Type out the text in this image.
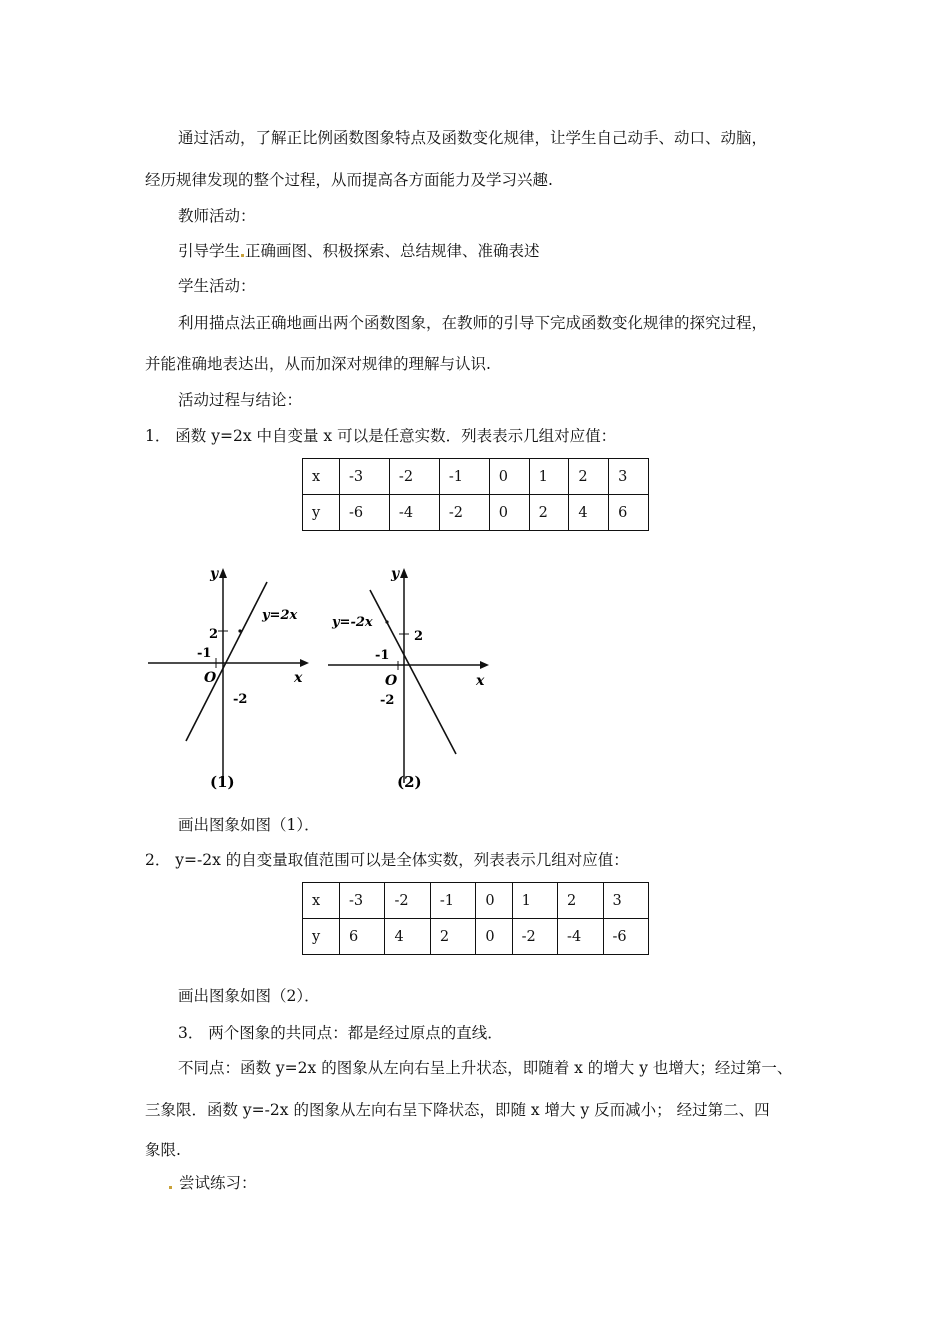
通过活动，了解正比例函数图象特点及函数变化规律，让学生自己动手、动口、动脑，
经历规律发现的整个过程，从而提高各方面能力及学习兴趣.
教师活动：
引导学生 正确画图、积极探索、总结规律、准确表述
学生活动：
利用描点法正确地画出两个函数图象，在教师的引导下完成函数变化规律的探究过程，
并能准确地表达出，从而加深对规律的理解与认识.
活动过程与结论：
1． 函数 y=2x 中自变量 x 可以是任意实数．列表表示几组对应值：
x	-3	-2	-1	0	1	2	3
y	-6	-4	-2	0	2	4	6
y
x
O
y=2x
2
-1
-2
(1)
y
x
O
y=-2x
2
-1
-2
(2)
画出图象如图（1）．
2． y=-2x 的自变量取值范围可以是全体实数，列表表示几组对应值：
x	-3	-2	-1	0	1	2	3
y	6	4	2	0	-2	-4	-6
画出图象如图（2）．
3． 两个图象的共同点：都是经过原点的直线．
不同点：函数 y=2x 的图象从左向右呈上升状态，即随着 x 的增大 y 也增大；经过第一、
三象限．函数 y=-2x 的图象从左向右呈下降状态，即随 x 增大 y 反而减小； 经过第二、四
象限.
尝试练习：
